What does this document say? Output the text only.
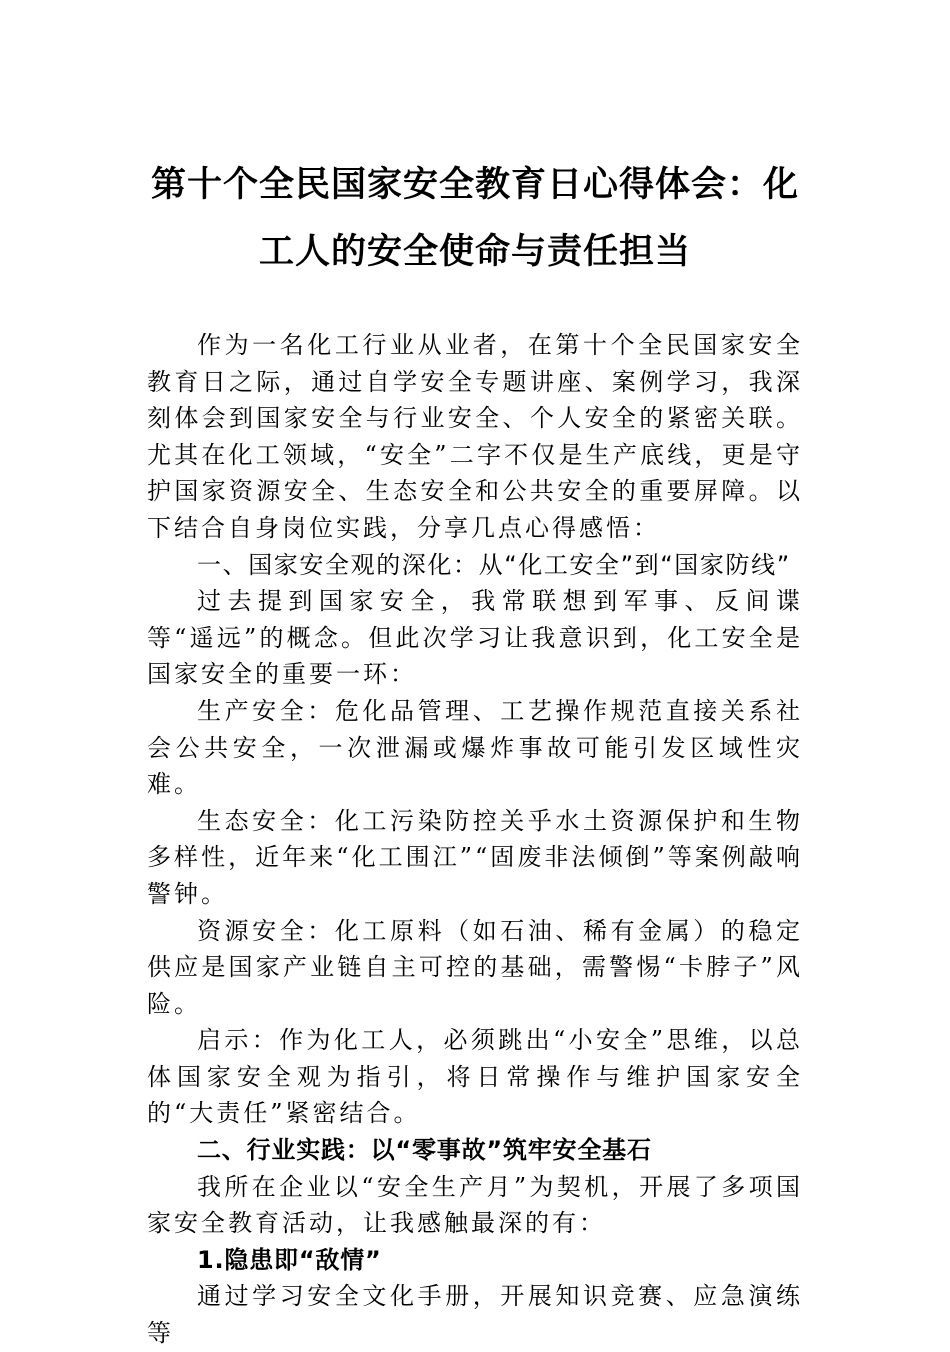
第十个全民国家安全教育日心得体会：化
工人的安全使命与责任担当

作为一名化工行业从业者，在第十个全民国家安全教育日之际，通过自学安全专题讲座、案例学习，我深刻体会到国家安全与行业安全、个人安全的紧密关联。尤其在化工领域，“安全”二字不仅是生产底线，更是守护国家资源安全、生态安全和公共安全的重要屏障。以下结合自身岗位实践，分享几点心得感悟：

一、国家安全观的深化：从“化工安全”到“国家防线”

过去提到国家安全，我常联想到军事、反间谍等“遥远”的概念。但此次学习让我意识到，化工安全是国家安全的重要一环：

生产安全：危化品管理、工艺操作规范直接关系社会公共安全，一次泄漏或爆炸事故可能引发区域性灾难。

生态安全：化工污染防控关乎水土资源保护和生物多样性，近年来“化工围江”“固废非法倾倒”等案例敲响警钟。

资源安全：化工原料（如石油、稀有金属）的稳定供应是国家产业链自主可控的基础，需警惕“卡脖子”风险。

启示：作为化工人，必须跳出“小安全”思维，以总体国家安全观为指引，将日常操作与维护国家安全的“大责任”紧密结合。

二、行业实践：以“零事故”筑牢安全基石

我所在企业以“安全生产月”为契机，开展了多项国家安全教育活动，让我感触最深的有：

1.隐患即“敌情”

通过学习安全文化手册，开展知识竞赛、应急演练等
